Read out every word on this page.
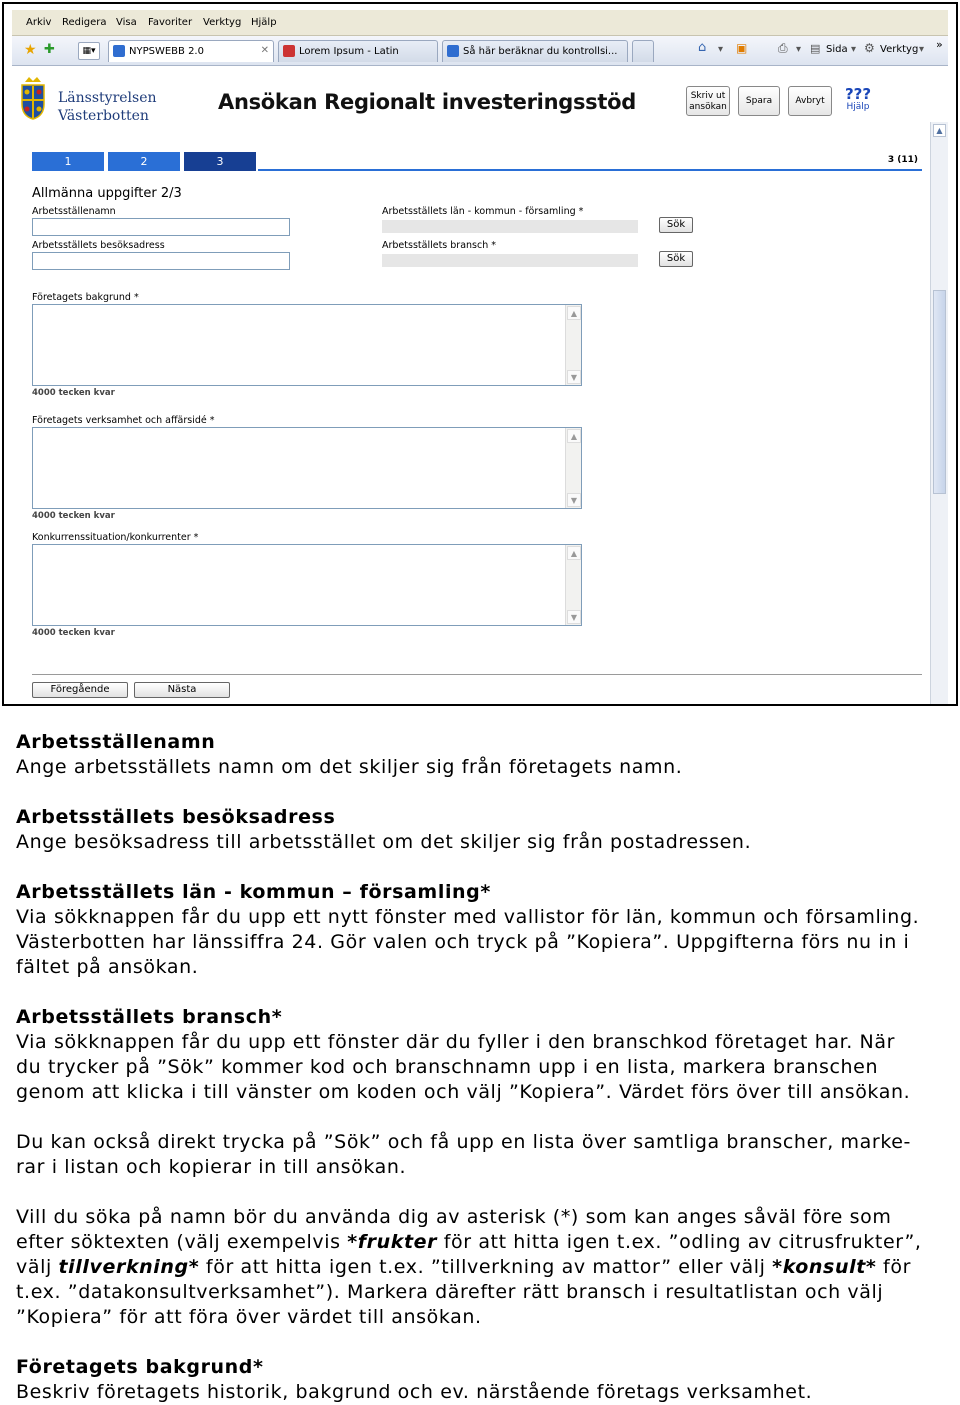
Arkiv Redigera Visa Favoriter Verktyg Hjälp
★ ✚	▦▾	NYPSWEBB 2.0	✕	Lorem Ipsum - Latin	Så här beräknar du kontrollsi...	⌂ ▾ ▣	⎙ ▾ ▤ Sida ▾ ⚙ Verktyg ▾ »
Länsstyrelsen
Västerbotten
Ansökan Regionalt investeringsstöd	Skriv ut
ansökan
Spara	Avbryt	???
Hjälp
1	2	3	3 (11)
Allmänna uppgifter 2/3
Arbetsställenamn
Arbetsställets besöksadress
Arbetsställets län - kommun - församling *
Sök
Arbetsställets bransch *
Sök
Företagets bakgrund *
▲
▼
4000 tecken kvar
Företagets verksamhet och affärsidé *
▲
▼
4000 tecken kvar
Konkurrenssituation/konkurrenter *
▲
▼
4000 tecken kvar
Föregående	Nästa
▲
Arbetsställenamn

Ange arbetsställets namn om det skiljer sig från företagets namn.

Arbetsställets besöksadress

Ange besöksadress till arbetsstället om det skiljer sig från postadressen.

Arbetsställets län - kommun – församling*

Via sökknappen får du upp ett nytt fönster med vallistor för län, kommun och församling.
Västerbotten har länssiffra 24. Gör valen och tryck på ”Kopiera”. Uppgifterna förs nu in i
fältet på ansökan.

Arbetsställets bransch*

Via sökknappen får du upp ett fönster där du fyller i den branschkod företaget har. När
du trycker på ”Sök” kommer kod och branschnamn upp i en lista, markera branschen
genom att klicka i till vänster om koden och välj ”Kopiera”. Värdet förs över till ansökan.

Du kan också direkt trycka på ”Sök” och få upp en lista över samtliga branscher, marke-
rar i listan och kopierar in till ansökan.

Vill du söka på namn bör du använda dig av asterisk (*) som kan anges såväl före som
efter söktexten (välj exempelvis *frukter för att hitta igen t.ex. ”odling av citrusfrukter”,
välj tillverkning* för att hitta igen t.ex. ”tillverkning av mattor” eller välj *konsult* för
t.ex. ”datakonsultverksamhet”). Markera därefter rätt bransch i resultatlistan och välj
”Kopiera” för att föra över värdet till ansökan.

Företagets bakgrund*

Beskriv företagets historik, bakgrund och ev. närstående företags verksamhet.
